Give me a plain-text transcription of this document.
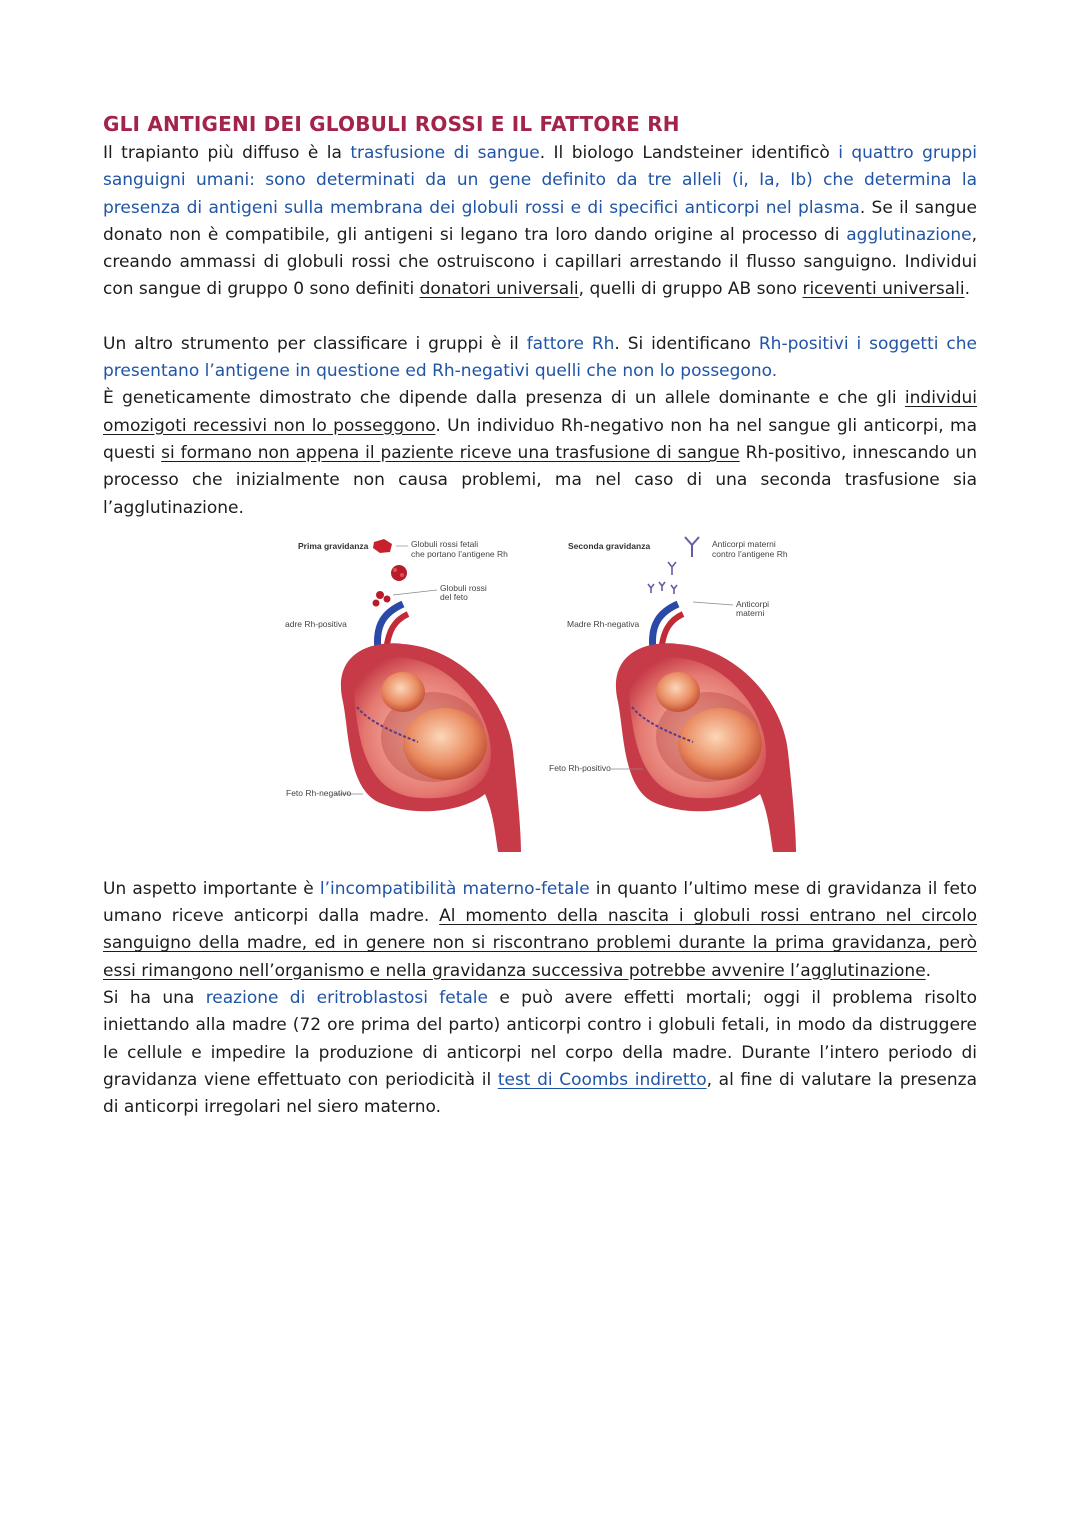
GLI ANTIGENI DEI GLOBULI ROSSI E IL FATTORE RH

Il trapianto più diffuso è la trasfusione di sangue. Il biologo Landsteiner identificò i quattro gruppi sanguigni umani: sono determinati da un gene definito da tre alleli (i, Ia, Ib) che determina la presenza di antigeni sulla membrana dei globuli rossi e di specifici anticorpi nel plasma. Se il sangue donato non è compatibile, gli antigeni si legano tra loro dando origine al processo di agglutinazione, creando ammassi di globuli rossi che ostruiscono i capillari arrestando il flusso sanguigno. Individui con sangue di gruppo 0 sono definiti donatori universali, quelli di gruppo AB sono riceventi universali.

Un altro strumento per classificare i gruppi è il fattore Rh. Si identificano Rh-positivi i soggetti che presentano l’antigene in questione ed Rh-negativi quelli che non lo possegono.
È geneticamente dimostrato che dipende dalla presenza di un allele dominante e che gli individui omozigoti recessivi non lo posseggono. Un individuo Rh-negativo non ha nel sangue gli anticorpi, ma questi si formano non appena il paziente riceve una trasfusione di sangue Rh-positivo, innescando un processo che inizialmente non causa problemi, ma nel caso di una seconda trasfusione sia l’agglutinazione.

Prima gravidanza	Globuli rossi fetali
che portano l’antigene Rh
Globuli rossi
del feto
adre Rh-positiva
Feto Rh-negativo
Seconda gravidanza	Anticorpi materni
contro l’antigene Rh
Anticorpi
materni
Madre Rh-negativa
Feto Rh-positivo

Un aspetto importante è l’incompatibilità materno-fetale in quanto l’ultimo mese di gravidanza il feto umano riceve anticorpi dalla madre. Al momento della nascita i globuli rossi entrano nel circolo sanguigno della madre, ed in genere non si riscontrano problemi durante la prima gravidanza, però essi rimangono nell’organismo e nella gravidanza successiva potrebbe avvenire l’agglutinazione.

Si ha una reazione di eritroblastosi fetale e può avere effetti mortali; oggi il problema risolto iniettando alla madre (72 ore prima del parto) anticorpi contro i globuli fetali, in modo da distruggere le cellule e impedire la produzione di anticorpi nel corpo della madre. Durante l’intero periodo di gravidanza viene effettuato con periodicità il test di Coombs indiretto, al fine di valutare la presenza di anticorpi irregolari nel siero materno.
